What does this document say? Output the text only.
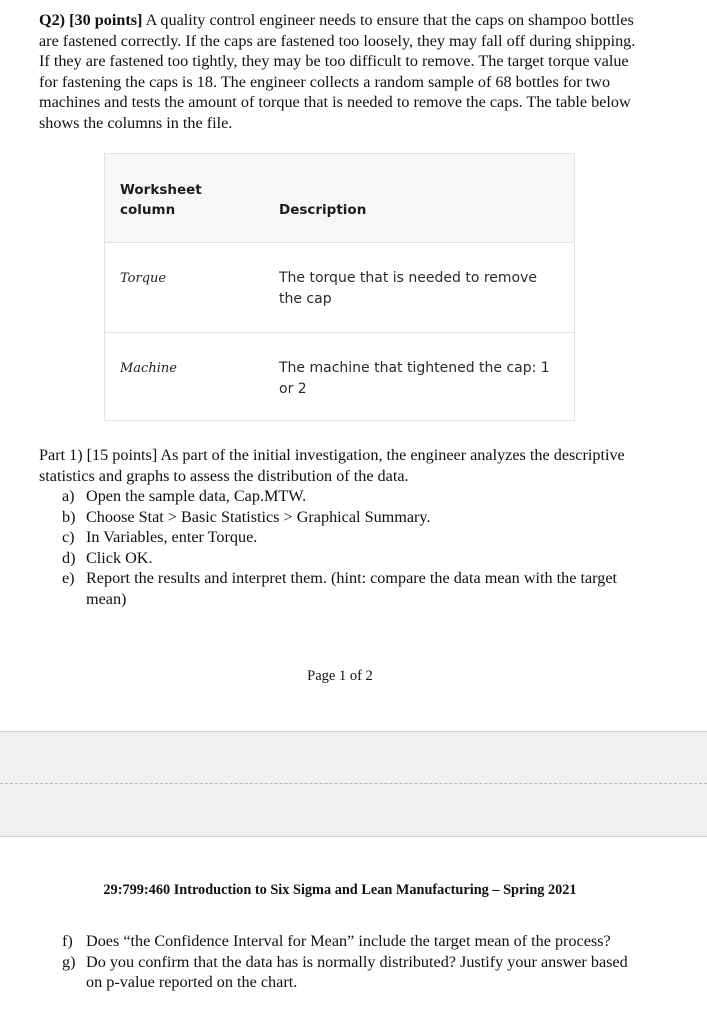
Q2) [30 points] A quality control engineer needs to ensure that the caps on shampoo bottles are fastened correctly. If the caps are fastened too loosely, they may fall off during shipping. If they are fastened too tightly, they may be too difficult to remove. The target torque value for fastening the caps is 18. The engineer collects a random sample of 68 bottles for two machines and tests the amount of torque that is needed to remove the caps. The table below shows the columns in the file.

Worksheet column	Description
Torque	The torque that is needed to remove the cap
Machine	The machine that tightened the cap: 1 or 2

Part 1) [15 points] As part of the initial investigation, the engineer analyzes the descriptive statistics and graphs to assess the distribution of the data.

a) Open the sample data, Cap.MTW.
b) Choose Stat > Basic Statistics > Graphical Summary.
c) In Variables, enter Torque.
d) Click OK.
e) Report the results and interpret them. (hint: compare the data mean with the target mean)
Page 1 of 2
29:799:460 Introduction to Six Sigma and Lean Manufacturing – Spring 2021
f) Does “the Confidence Interval for Mean” include the target mean of the process?
g) Do you confirm that the data has is normally distributed? Justify your answer based on p-value reported on the chart.
